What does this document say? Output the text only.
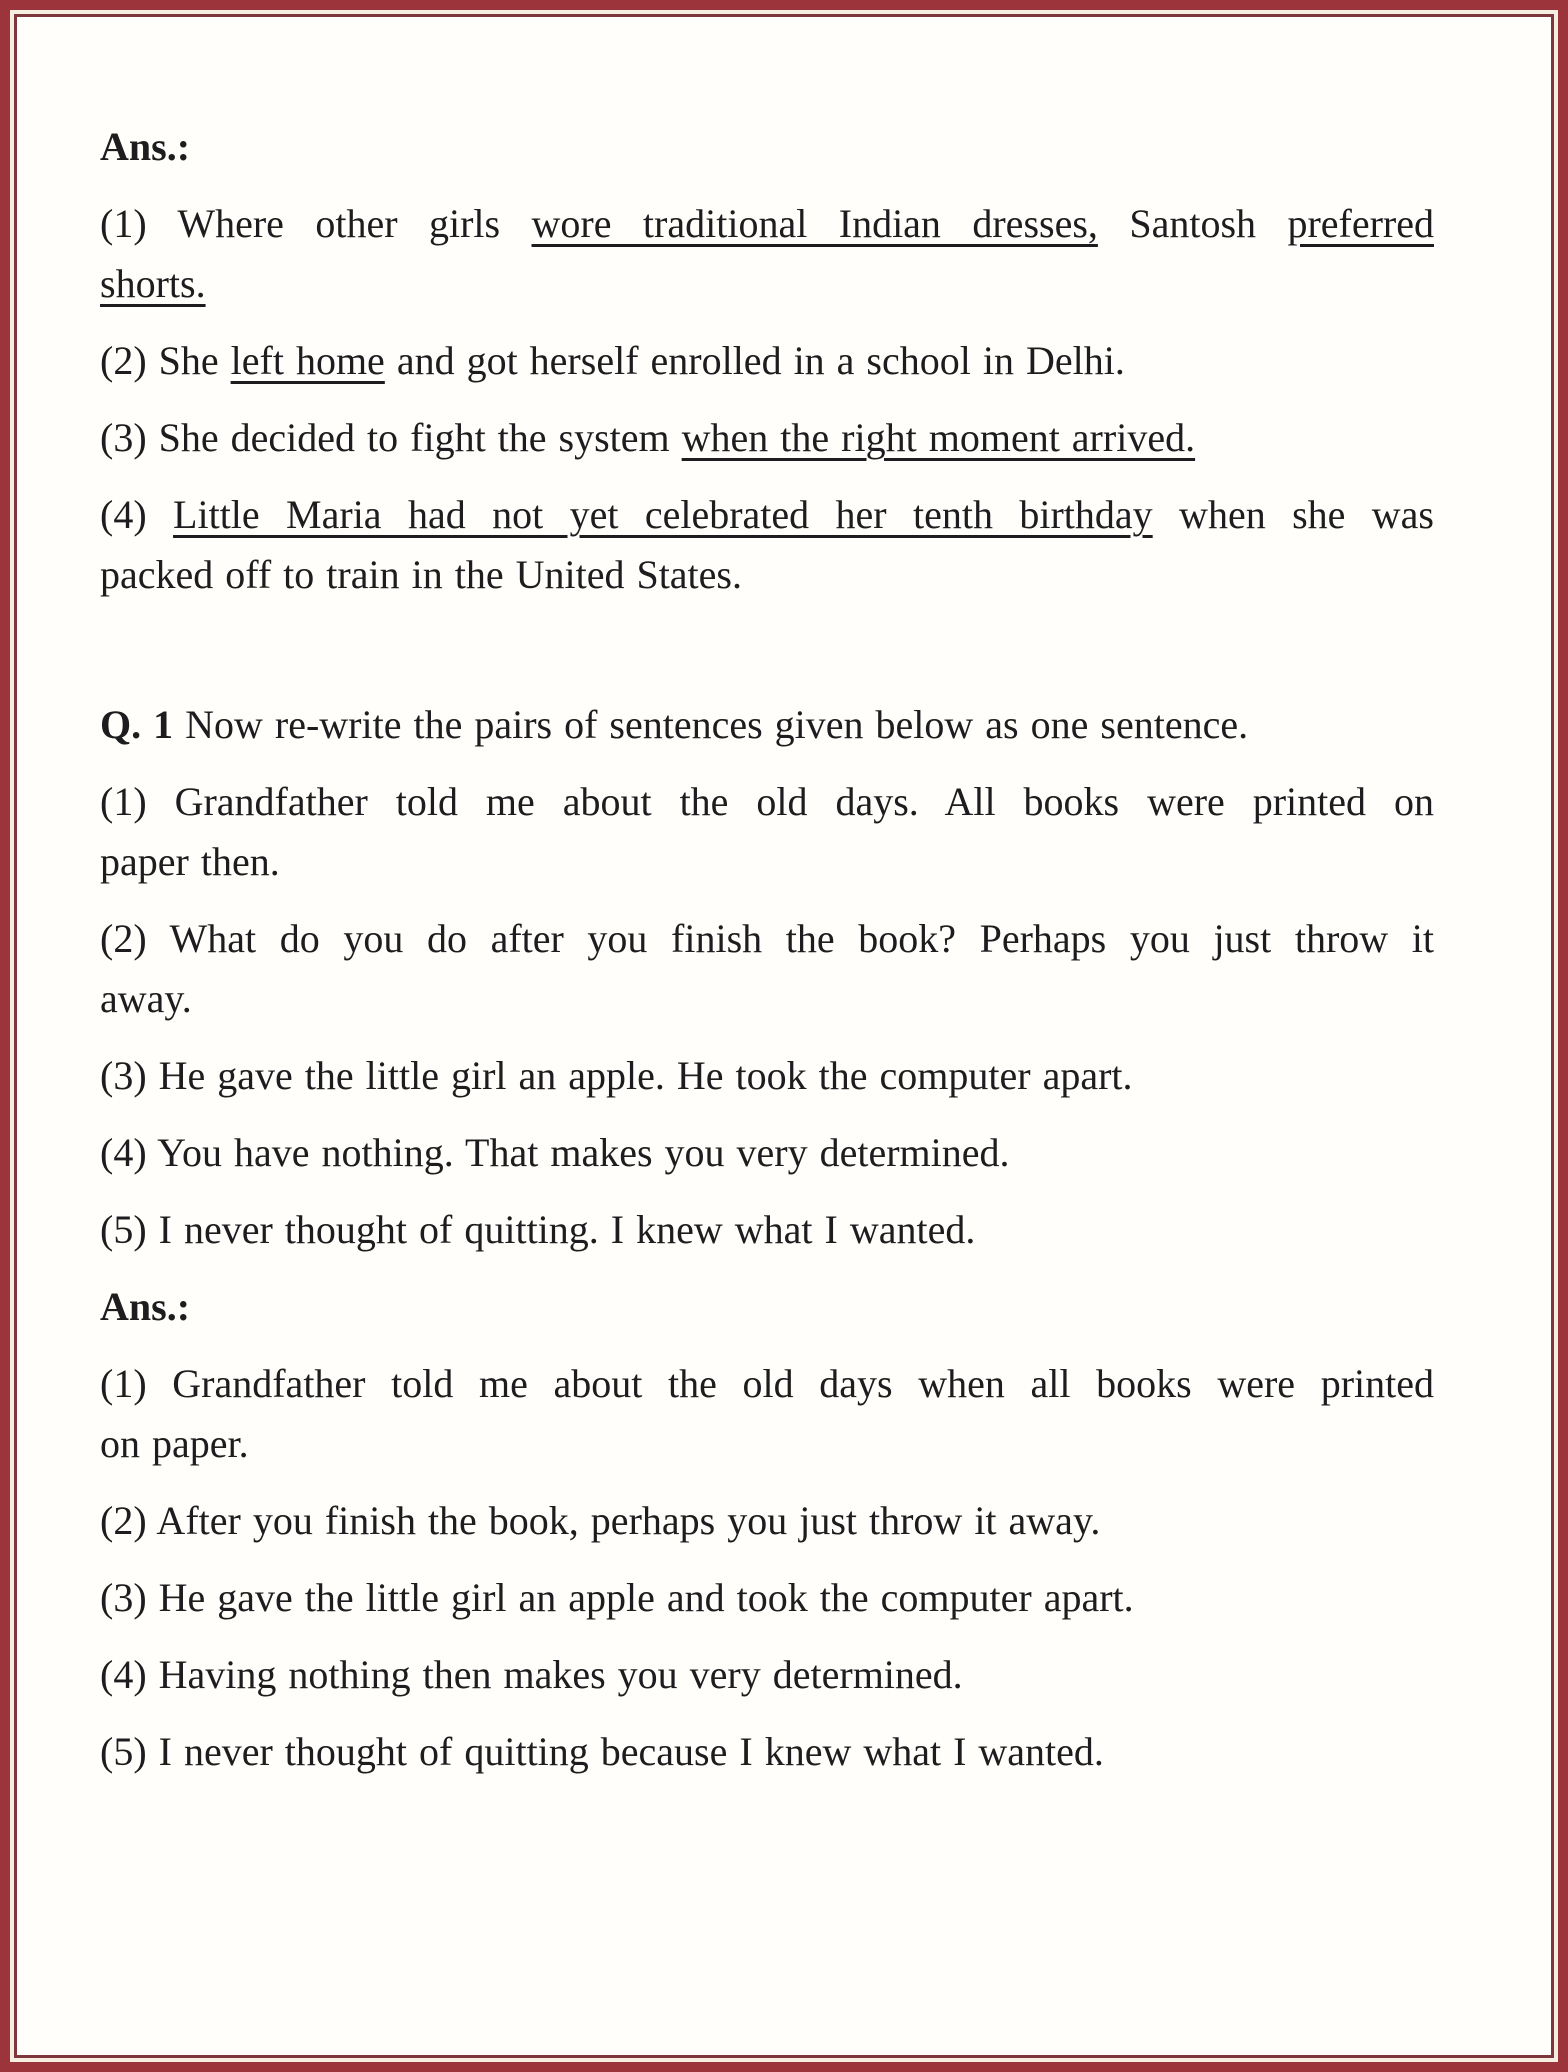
Ans.:

(1) Where other girls wore traditional Indian dresses, Santosh preferred
shorts.

(2) She left home and got herself enrolled in a school in Delhi.

(3) She decided to fight the system when the right moment arrived.

(4) Little Maria had not yet celebrated her tenth birthday when she was
packed off to train in the United States.

Q. 1 Now re-write the pairs of sentences given below as one sentence.

(1) Grandfather told me about the old days. All books were printed on
paper then.

(2) What do you do after you finish the book? Perhaps you just throw it
away.

(3) He gave the little girl an apple. He took the computer apart.

(4) You have nothing. That makes you very determined.

(5) I never thought of quitting. I knew what I wanted.

Ans.:

(1) Grandfather told me about the old days when all books were printed
on paper.

(2) After you finish the book, perhaps you just throw it away.

(3) He gave the little girl an apple and took the computer apart.

(4) Having nothing then makes you very determined.

(5) I never thought of quitting because I knew what I wanted.
